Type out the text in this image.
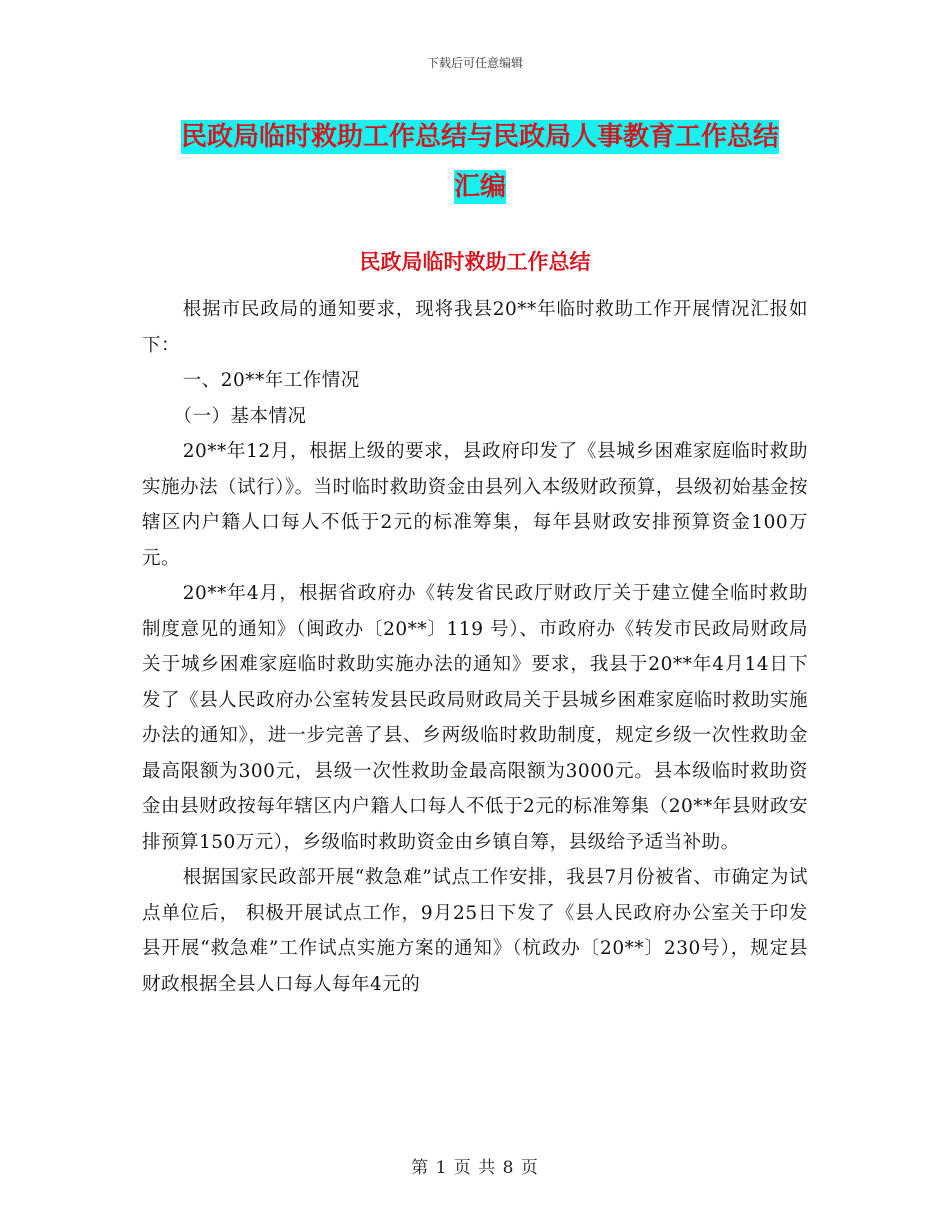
下载后可任意编辑
民政局临时救助工作总结与民政局人事教育工作总结
汇编
民政局临时救助工作总结

根据市民政局的通知要求，现将我县20**年临时救助工作开展情况汇报如下：

一、20**年工作情况

（一）基本情况

20**年12月，根据上级的要求，县政府印发了《县城乡困难家庭临时救助实施办法（试行）》。当时临时救助资金由县列入本级财政预算，县级初始基金按辖区内户籍人口每人不低于2元的标准筹集，每年县财政安排预算资金100万元。

20**年4月，根据省政府办《转发省民政厅财政厅关于建立健全临时救助制度意见的通知》（闽政办〔20**〕119 号）、市政府办《转发市民政局财政局关于城乡困难家庭临时救助实施办法的通知》要求，我县于20**年4月14日下发了《县人民政府办公室转发县民政局财政局关于县城乡困难家庭临时救助实施办法的通知》，进一步完善了县、乡两级临时救助制度，规定乡级一次性救助金最高限额为300元，县级一次性救助金最高限额为3000元。县本级临时救助资金由县财政按每年辖区内户籍人口每人不低于2元的标准筹集（20**年县财政安排预算150万元），乡级临时救助资金由乡镇自筹，县级给予适当补助。

根据国家民政部开展“救急难”试点工作安排，我县7月份被省、市确定为试点单位后， 积极开展试点工作，9月25日下发了《县人民政府办公室关于印发县开展“救急难”工作试点实施方案的通知》（杭政办〔20**〕230号），规定县财政根据全县人口每人每年4元的

第 1 页 共 8 页
